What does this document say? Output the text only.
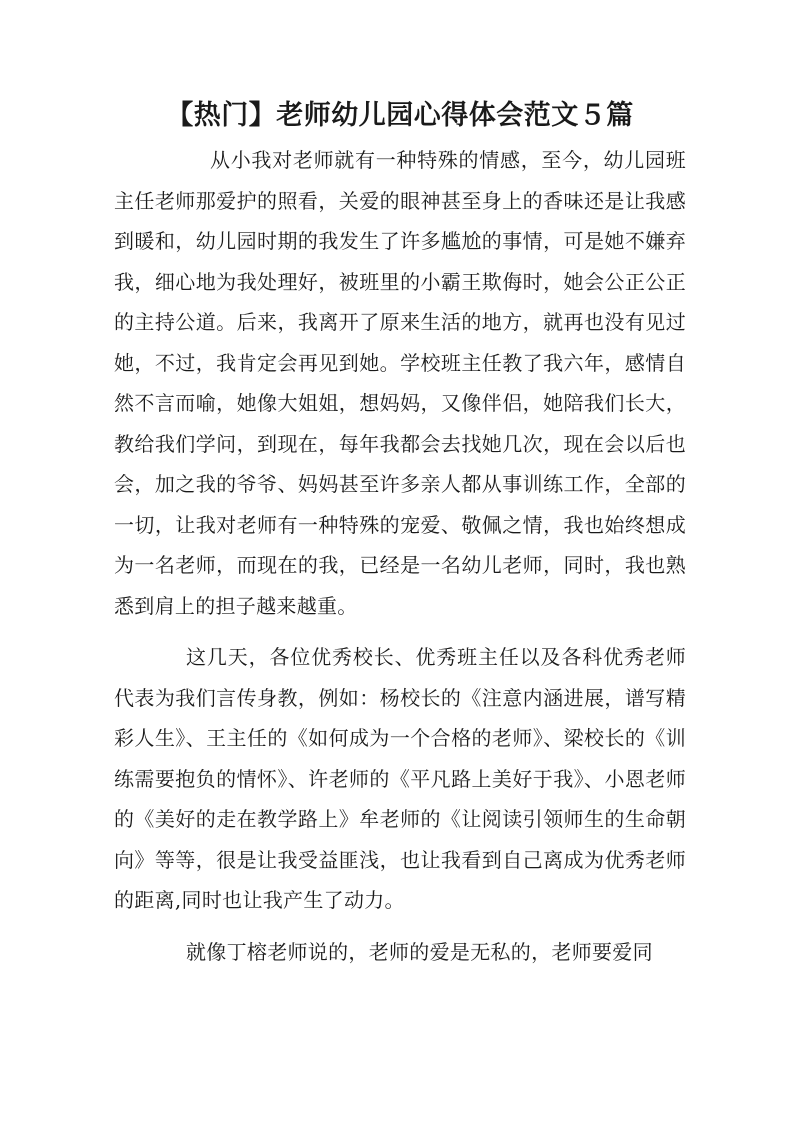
【热门】老师幼儿园心得体会范文５篇

从小我对老师就有一种特殊的情感，至今，幼儿园班主任老师那爱护的照看，关爱的眼神甚至身上的香味还是让我感到暖和，幼儿园时期的我发生了许多尴尬的事情，可是她不嫌弃我，细心地为我处理好，被班里的小霸王欺侮时，她会公正公正的主持公道。后来，我离开了原来生活的地方，就再也没有见过她，不过，我肯定会再见到她。学校班主任教了我六年，感情自然不言而喻，她像大姐姐，想妈妈，又像伴侣，她陪我们长大，教给我们学问，到现在，每年我都会去找她几次，现在会以后也会，加之我的爷爷、妈妈甚至许多亲人都从事训练工作，全部的一切，让我对老师有一种特殊的宠爱、敬佩之情，我也始终想成为一名老师，而现在的我，已经是一名幼儿老师，同时，我也熟悉到肩上的担子越来越重。

这几天，各位优秀校长、优秀班主任以及各科优秀老师代表为我们言传身教，例如：杨校长的《注意内涵进展，谱写精彩人生》、王主任的《如何成为一个合格的老师》、梁校长的《训练需要抱负的情怀》、许老师的《平凡路上美好于我》、小恩老师的《美好的走在教学路上》牟老师的《让阅读引领师生的生命朝向》等等，很是让我受益匪浅，也让我看到自己离成为优秀老师的距离,同时也让我产生了动力。

就像丁榕老师说的，老师的爱是无私的，老师要爱同
